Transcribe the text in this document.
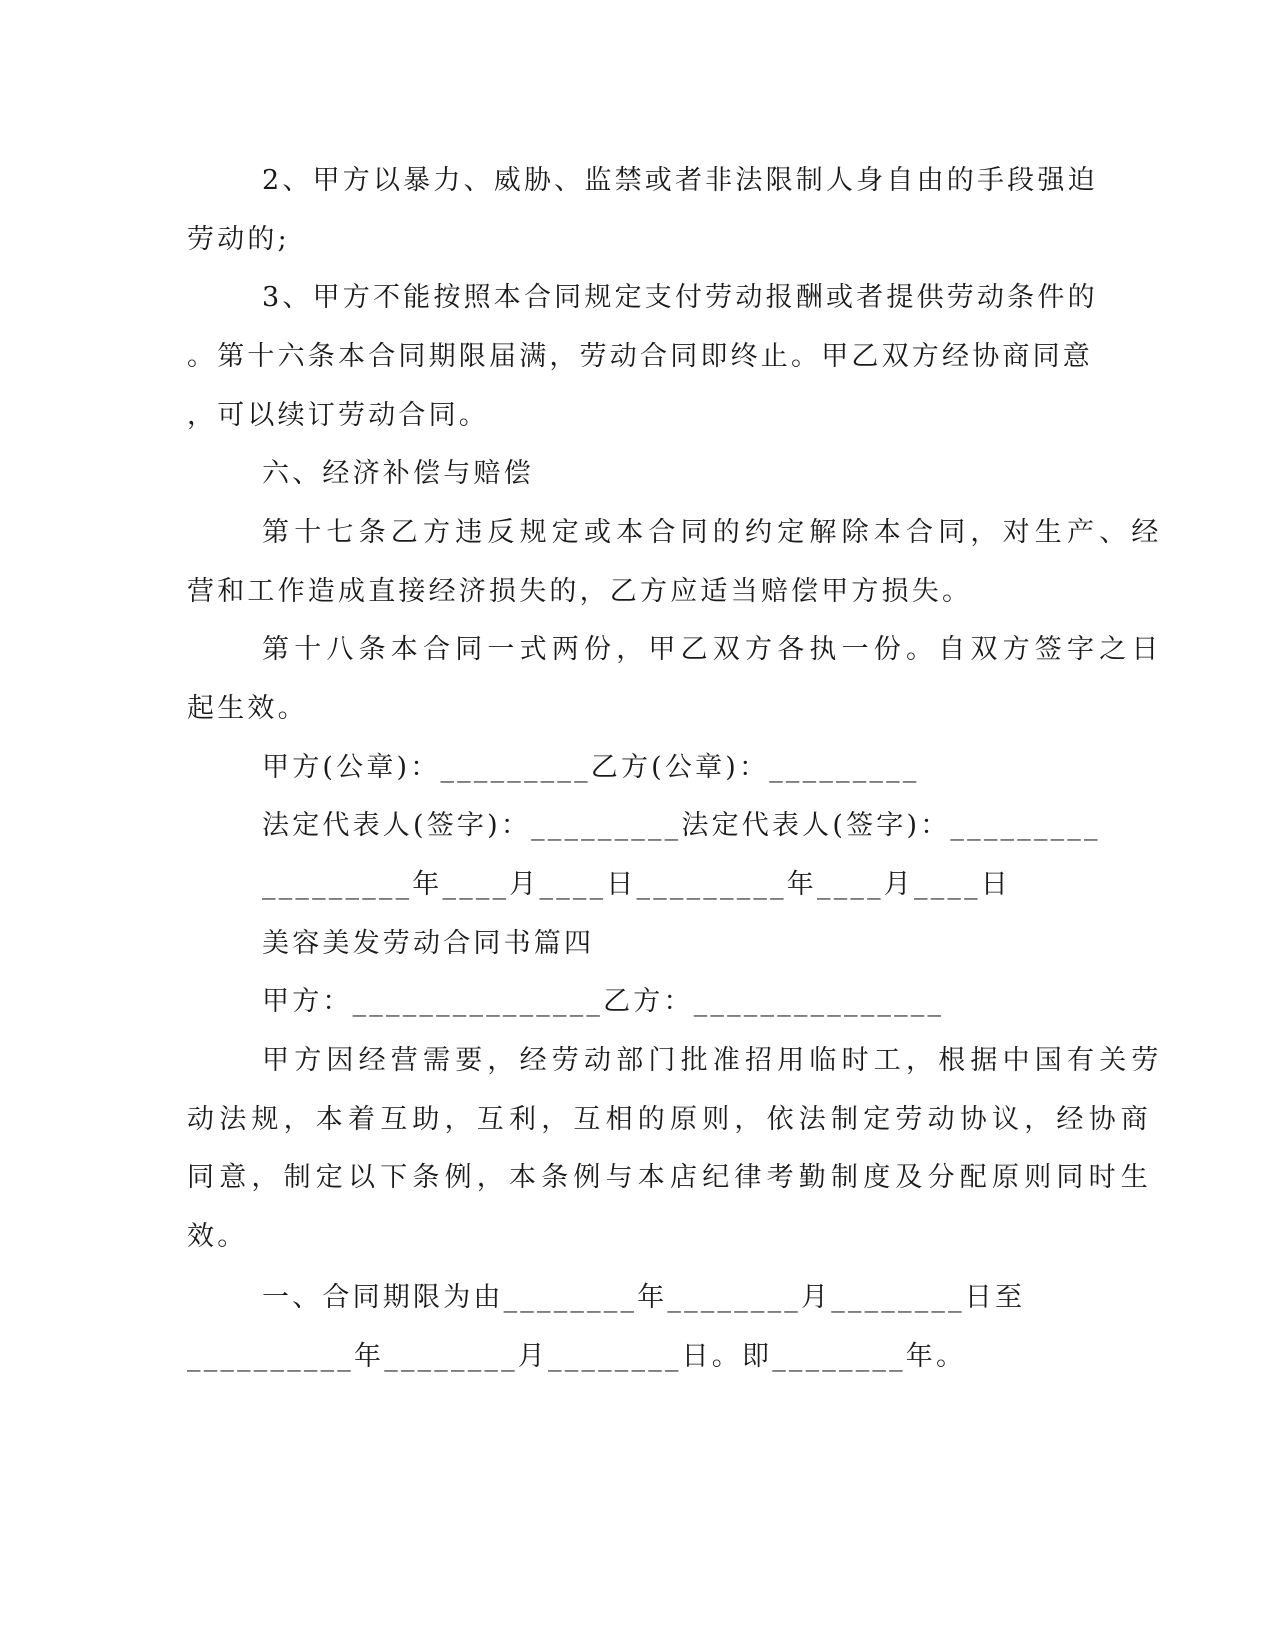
2、甲方以暴力、威胁、监禁或者非法限制人身自由的手段强迫
劳动的;
3、甲方不能按照本合同规定支付劳动报酬或者提供劳动条件的
。第十六条本合同期限届满，劳动合同即终止。甲乙双方经协商同意
，可以续订劳动合同。
六、经济补偿与赔偿
第十七条乙方违反规定或本合同的约定解除本合同，对生产、经
营和工作造成直接经济损失的，乙方应适当赔偿甲方损失。
第十八条本合同一式两份，甲乙双方各执一份。自双方签字之日
起生效。
甲方(公章)：_________乙方(公章)：_________
法定代表人(签字)：_________法定代表人(签字)：_________
_________年____月____日_________年____月____日
美容美发劳动合同书篇四
甲方：_______________乙方：_______________
甲方因经营需要，经劳动部门批准招用临时工，根据中国有关劳
动法规，本着互助，互利，互相的原则，依法制定劳动协议，经协商
同意，制定以下条例，本条例与本店纪律考勤制度及分配原则同时生
效。
一、合同期限为由________年________月________日至
__________年________月________日。即________年。
